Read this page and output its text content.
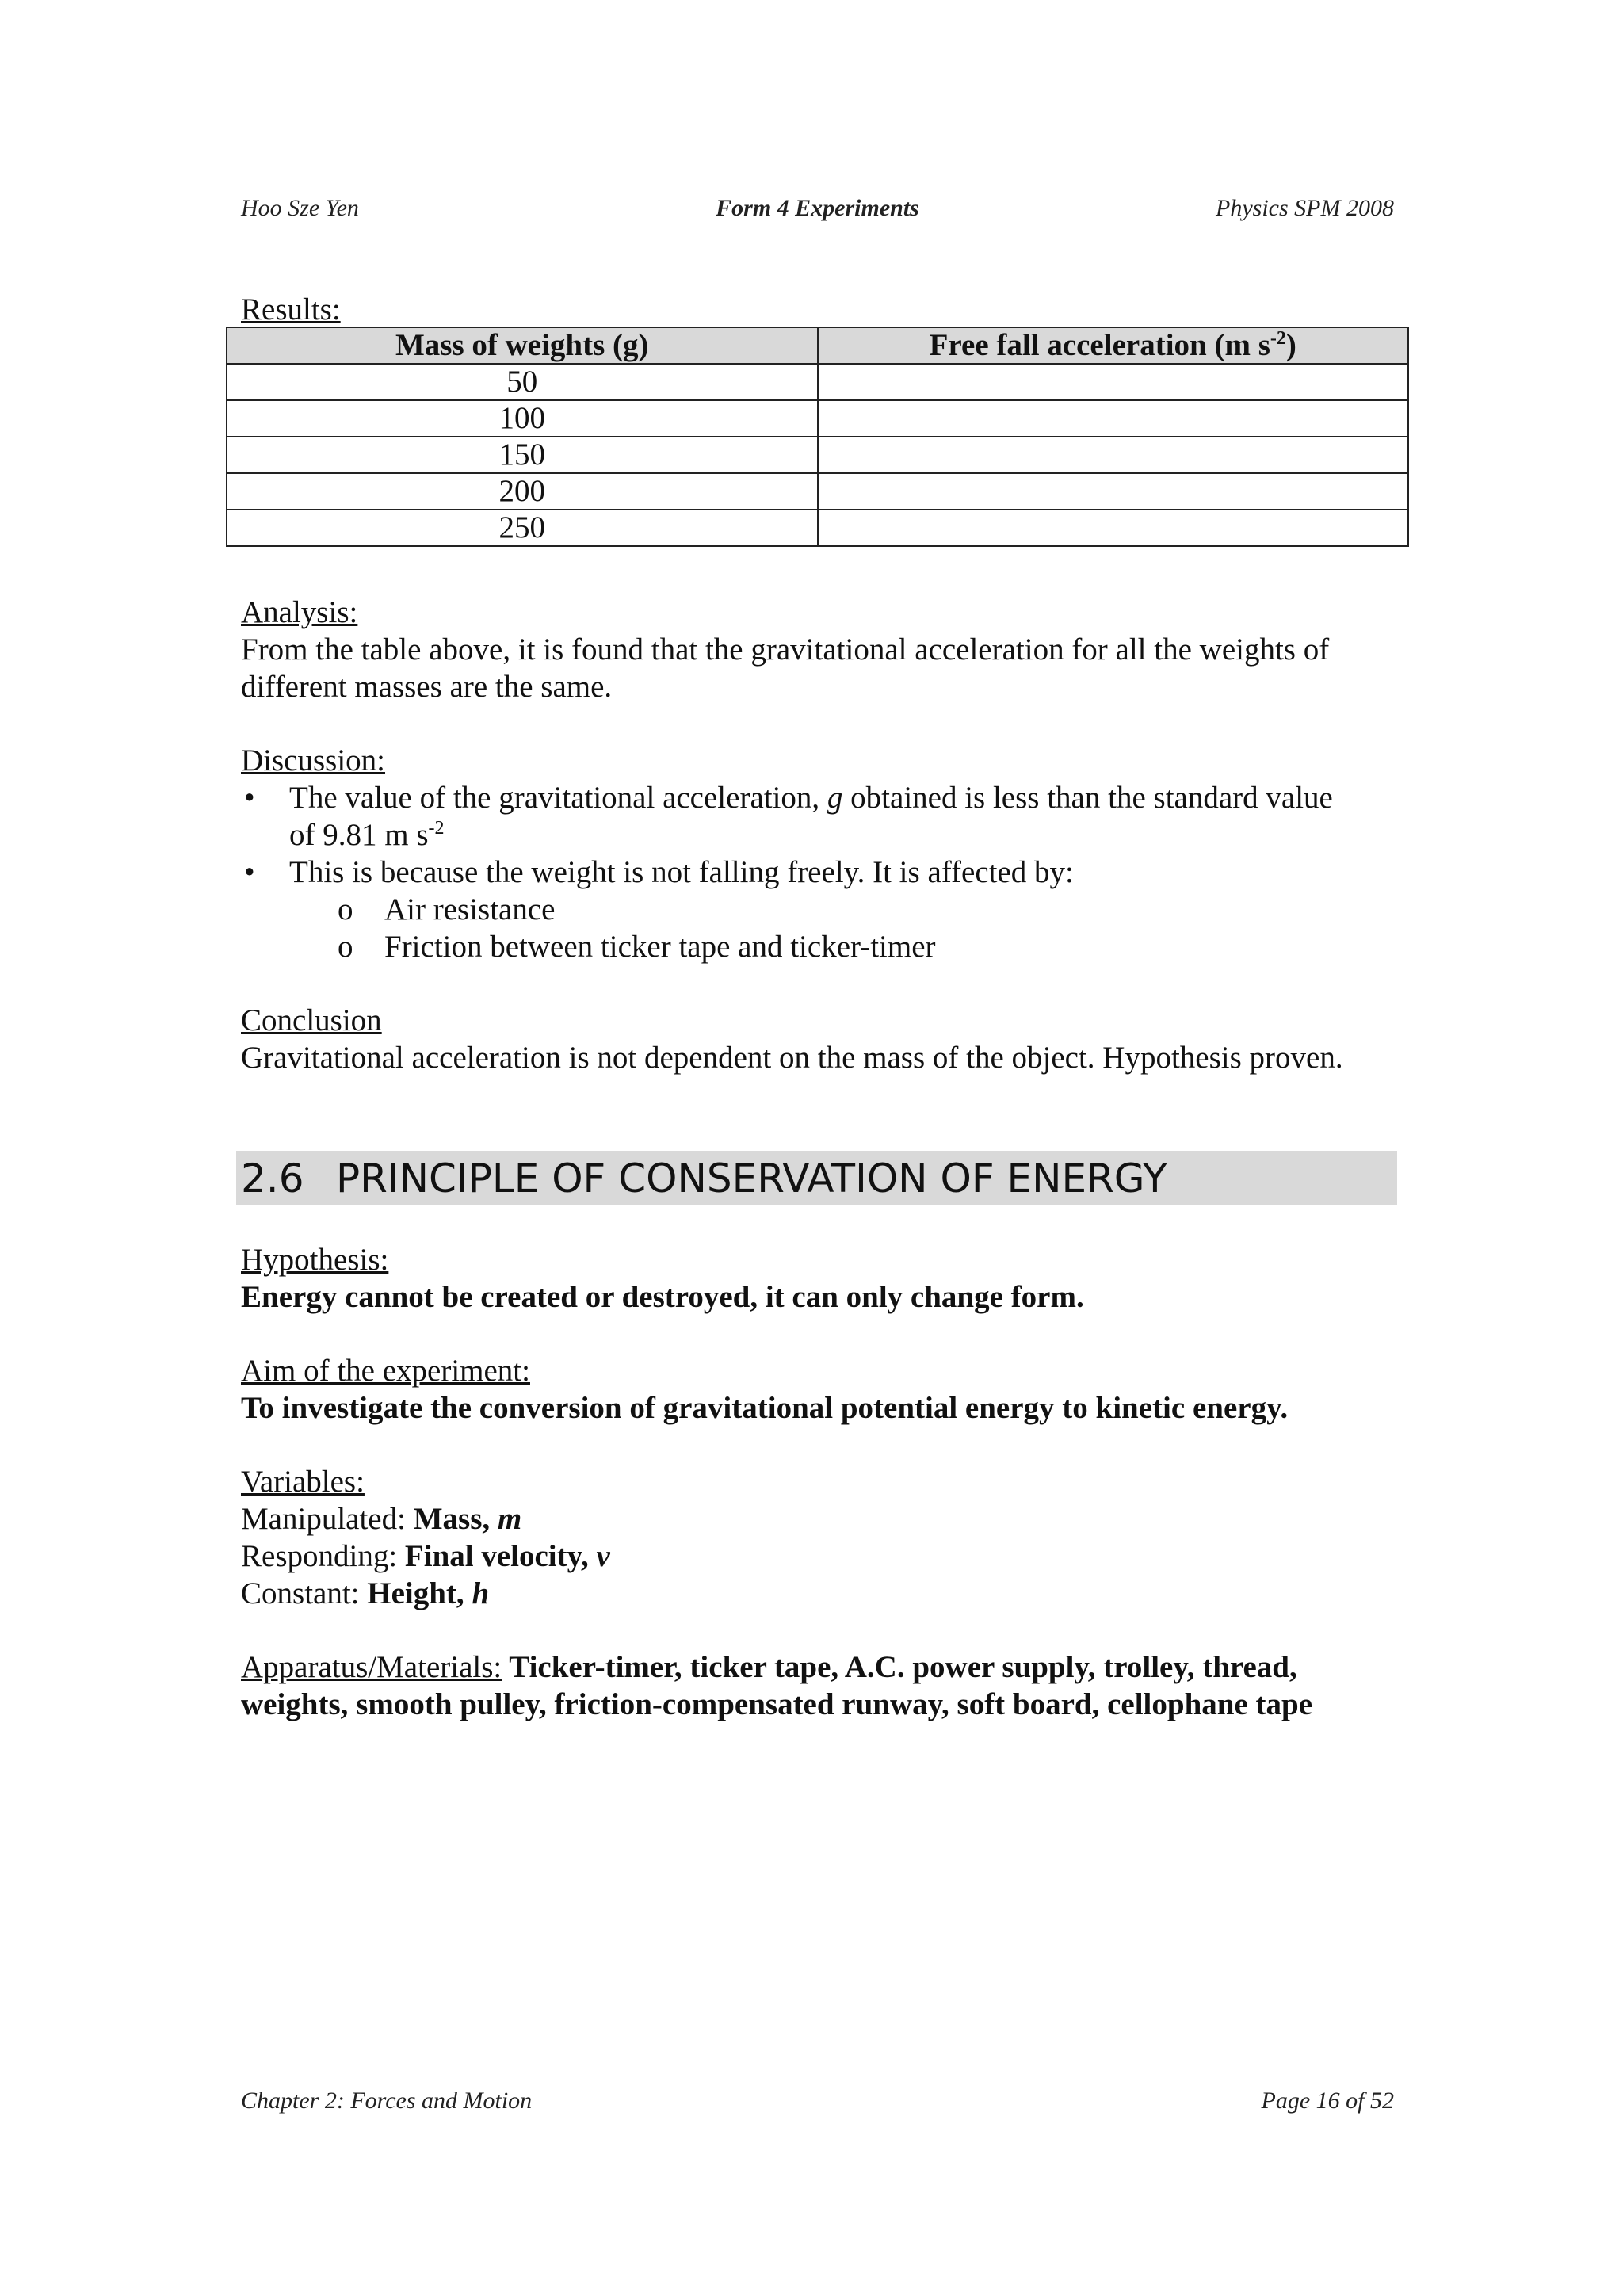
Hoo Sze Yen	Form 4 Experiments	Physics SPM 2008
Results:
Mass of weights (g)	Free fall acceleration (m $s^{-2}$)
50	
100	
150	
200	
250	
Analysis:
From the table above, it is found that the gravitational acceleration for all the weights of
different masses are the same.
Discussion:
• The value of the gravitational acceleration, g obtained is less than the standard value
of 9.81 m $s^{-2}$
• This is because the weight is not falling freely. It is affected by:
o Air resistance
o Friction between ticker tape and ticker-timer
Conclusion
Gravitational acceleration is not dependent on the mass of the object. Hypothesis proven.
2.6 PRINCIPLE OF CONSERVATION OF ENERGY
Hypothesis:
Energy cannot be created or destroyed, it can only change form.
Aim of the experiment:
To investigate the conversion of gravitational potential energy to kinetic energy.
Variables:
Manipulated: Mass, m
Responding: Final velocity, v
Constant: Height, h
Apparatus/Materials: Ticker-timer, ticker tape, A.C. power supply, trolley, thread,
weights, smooth pulley, friction-compensated runway, soft board, cellophane tape
Chapter 2: Forces and Motion	Page 16 of 52
